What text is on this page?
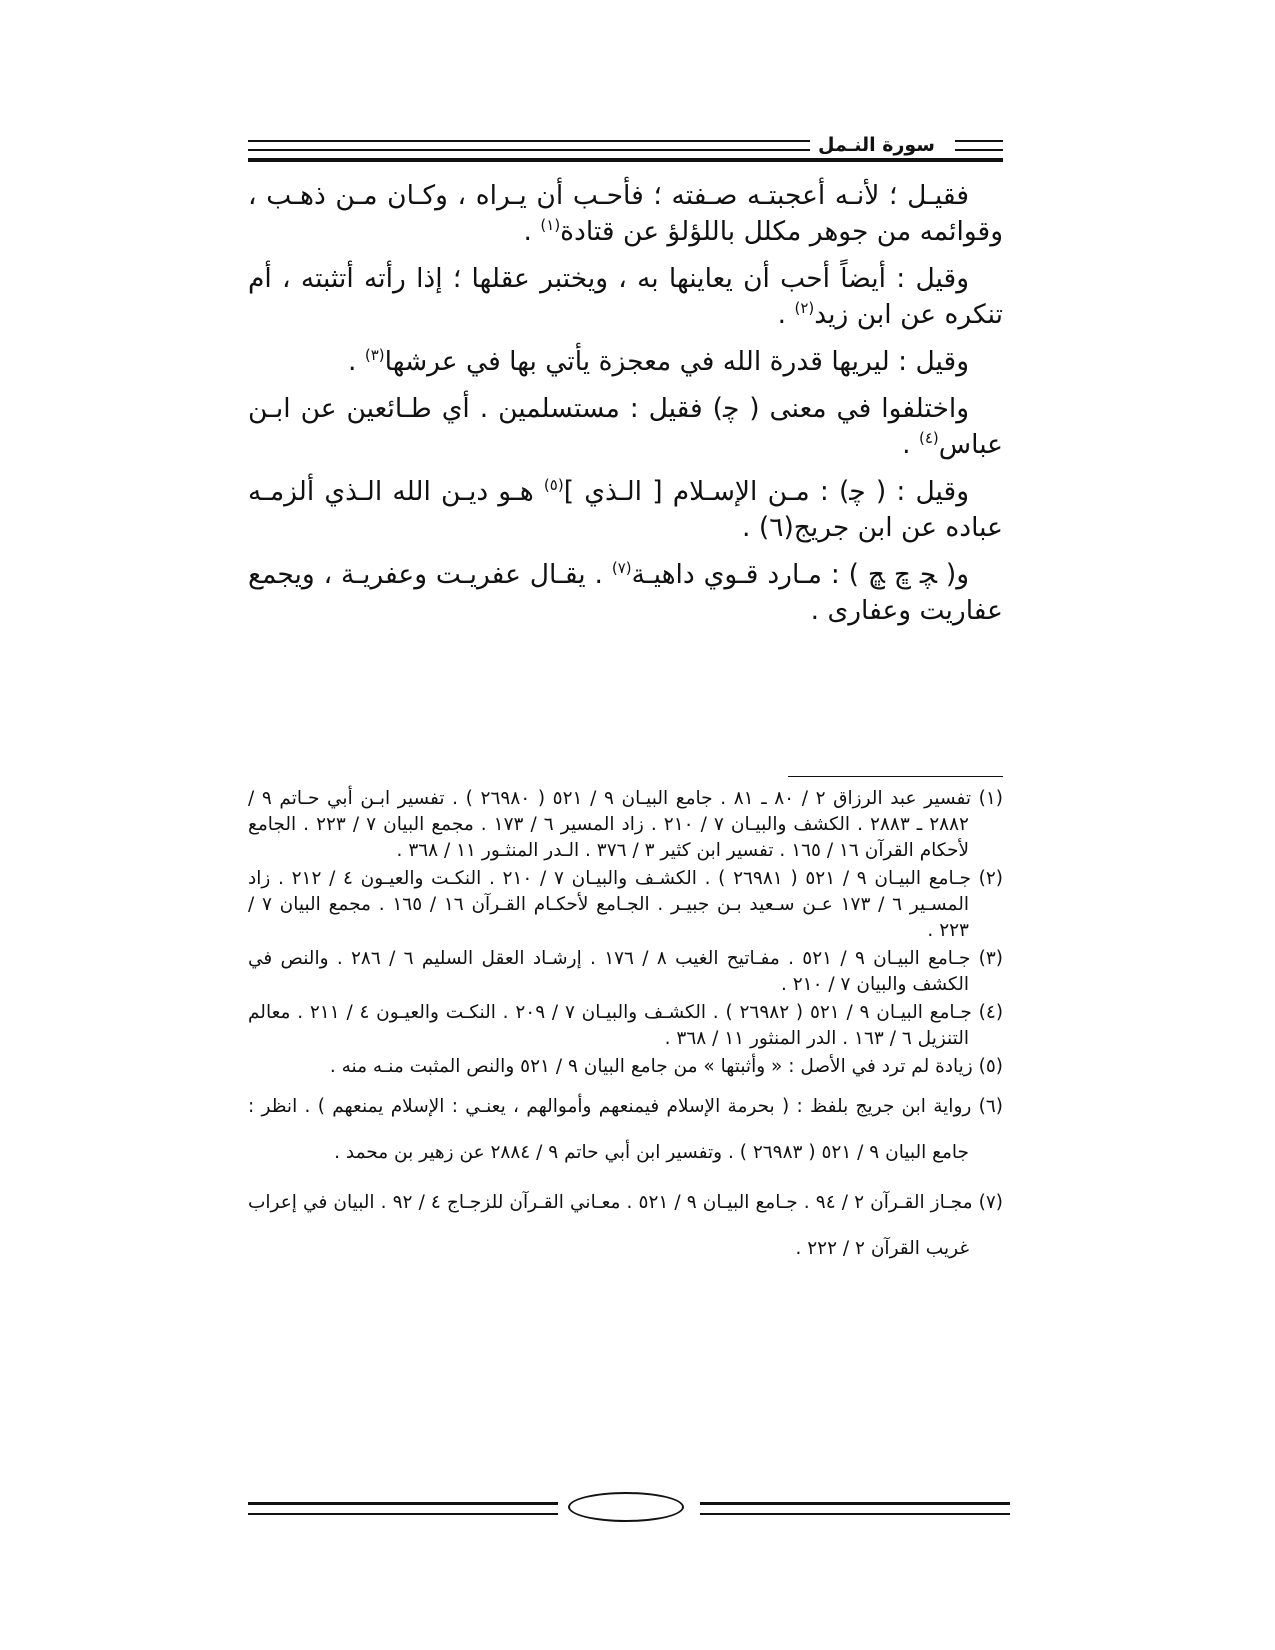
سورة النـمل

فقيـل ؛ لأنـه أعجبتـه صـفته ؛ فأحـب أن يـراه ، وكـان مـن ذهـب ، وقوائمه من جوهر مكلل باللؤلؤ عن قتادة$^{(١)}$ .

وقيل : أيضاً أحب أن يعاينها به ، ويختبر عقلها ؛ إذا رأته أتثبته ، أم تنكره عن ابن زيد$^{(٢)}$ .

وقيل : ليريها قدرة الله في معجزة يأتي بها في عرشها$^{(٣)}$ .

واختلفوا في معنى ( ﭼ) فقيل : مستسلمين . أي طـائعين عن ابـن عباس$^{(٤)}$ .

وقيل : ( ﭼ) : مـن الإسـلام [ الـذي ]$^{(٥)}$ هـو ديـن الله الـذي ألزمـه عباده عن ابن جريج(٦) .

و( ﭽ ﭾ ﭿ ) : مـارد قـوي داهيـة$^{(٧)}$ . يقـال عفريـت وعفريـة ، ويجمع عفاريت وعفارى .

(١) تفسير عبد الرزاق ٢ / ٨٠ ـ ٨١ . جامع البيـان ٩ / ٥٢١ ( ٢٦٩٨٠ ) . تفسير ابـن أبي حـاتم ٩ / ٢٨٨٢ ـ ٢٨٨٣ . الكشف والبيـان ٧ / ٢١٠ . زاد المسير ٦ / ١٧٣ . مجمع البيان ٧ / ٢٢٣ . الجامع لأحكام القرآن ١٦ / ١٦٥ . تفسير ابن كثير ٣ / ٣٧٦ . الـدر المنثـور ١١ / ٣٦٨ .

(٢) جـامع البيـان ٩ / ٥٢١ ( ٢٦٩٨١ ) . الكشـف والبيـان ٧ / ٢١٠ . النكـت والعيـون ٤ / ٢١٢ . زاد المسـير ٦ / ١٧٣ عـن سـعيد بـن جبيـر . الجـامع لأحكـام القـرآن ١٦ / ١٦٥ . مجمع البيان ٧ / ٢٢٣ .

(٣) جـامع البيـان ٩ / ٥٢١ . مفـاتيح الغيب ٨ / ١٧٦ . إرشـاد العقل السليم ٦ / ٢٨٦ . والنص في الكشف والبيان ٧ / ٢١٠ .

(٤) جـامع البيـان ٩ / ٥٢١ ( ٢٦٩٨٢ ) . الكشـف والبيـان ٧ / ٢٠٩ . النكـت والعيـون ٤ / ٢١١ . معالم التنزيل ٦ / ١٦٣ . الدر المنثور ١١ / ٣٦٨ .

(٥) زيادة لم ترد في الأصل : « وأثبتها » من جامع البيان ٩ / ٥٢١ والنص المثبت منـه منه .

(٦) رواية ابن جريج بلفظ : ( بحرمة الإسلام فيمنعهم وأموالهم ، يعنـي : الإسلام يمنعهم ) . انظر : جامع البيان ٩ / ٥٢١ ( ٢٦٩٨٣ ) . وتفسير ابن أبي حاتم ٩ / ٢٨٨٤ عن زهير بن محمد .

(٧) مجـاز القـرآن ٢ / ٩٤ . جـامع البيـان ٩ / ٥٢١ . معـاني القـرآن للزجـاج ٤ / ٩٢ . البيان في إعراب غريب القرآن ٢ / ٢٢٢ .
